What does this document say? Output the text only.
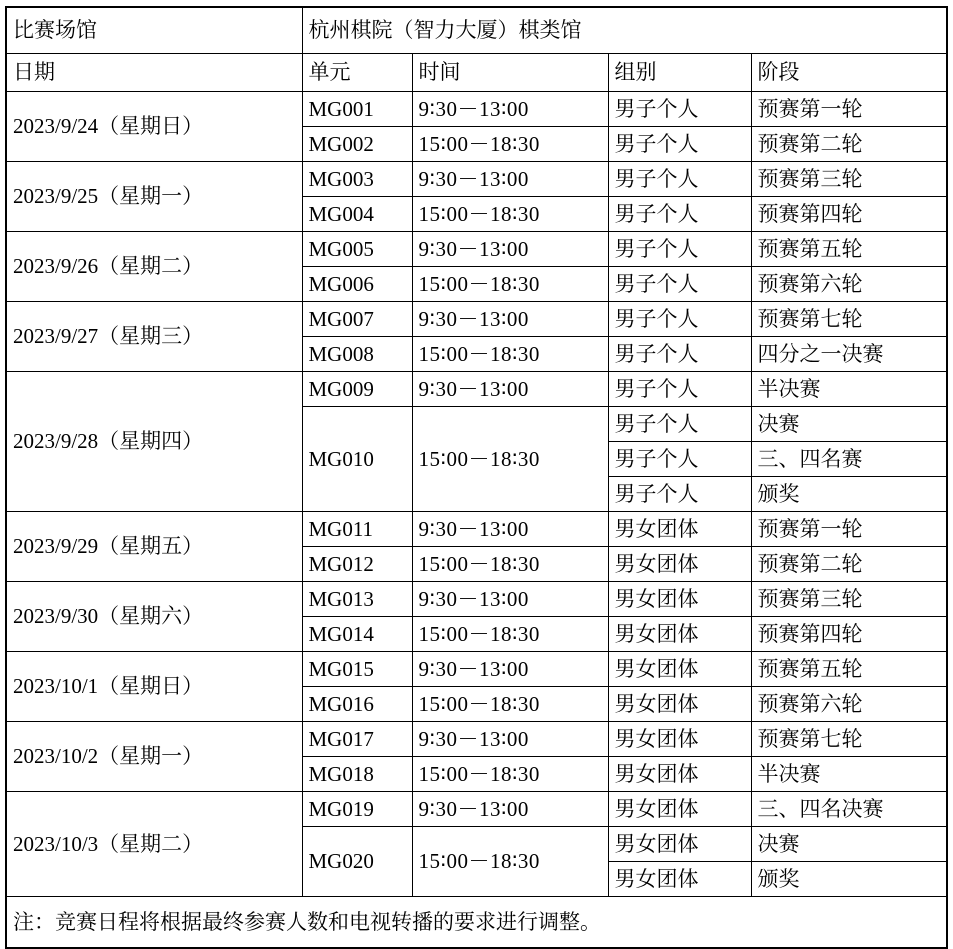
比赛场馆	杭州棋院（智力大厦）棋类馆			
日期	单元	时间	组别	阶段
2023/9/24（星期日）	MG001	9∶30－13∶00	男子个人	预赛第一轮
	MG002	15∶00－18∶30	男子个人	预赛第二轮
2023/9/25（星期一）	MG003	9∶30－13∶00	男子个人	预赛第三轮
	MG004	15∶00－18∶30	男子个人	预赛第四轮
2023/9/26（星期二）	MG005	9∶30－13∶00	男子个人	预赛第五轮
	MG006	15∶00－18∶30	男子个人	预赛第六轮
2023/9/27（星期三）	MG007	9∶30－13∶00	男子个人	预赛第七轮
	MG008	15∶00－18∶30	男子个人	四分之一决赛
2023/9/28（星期四）	MG009	9∶30－13∶00	男子个人	半决赛
	MG010	15∶00－18∶30	男子个人	决赛
			男子个人	三、四名赛
			男子个人	颁奖
2023/9/29（星期五）	MG011	9∶30－13∶00	男女团体	预赛第一轮
	MG012	15∶00－18∶30	男女团体	预赛第二轮
2023/9/30（星期六）	MG013	9∶30－13∶00	男女团体	预赛第三轮
	MG014	15∶00－18∶30	男女团体	预赛第四轮
2023/10/1（星期日）	MG015	9∶30－13∶00	男女团体	预赛第五轮
	MG016	15∶00－18∶30	男女团体	预赛第六轮
2023/10/2（星期一）	MG017	9∶30－13∶00	男女团体	预赛第七轮
	MG018	15∶00－18∶30	男女团体	半决赛
2023/10/3（星期二）	MG019	9∶30－13∶00	男女团体	三、四名决赛
	MG020	15∶00－18∶30	男女团体	决赛
			男女团体	颁奖
注：竞赛日程将根据最终参赛人数和电视转播的要求进行调整。				
